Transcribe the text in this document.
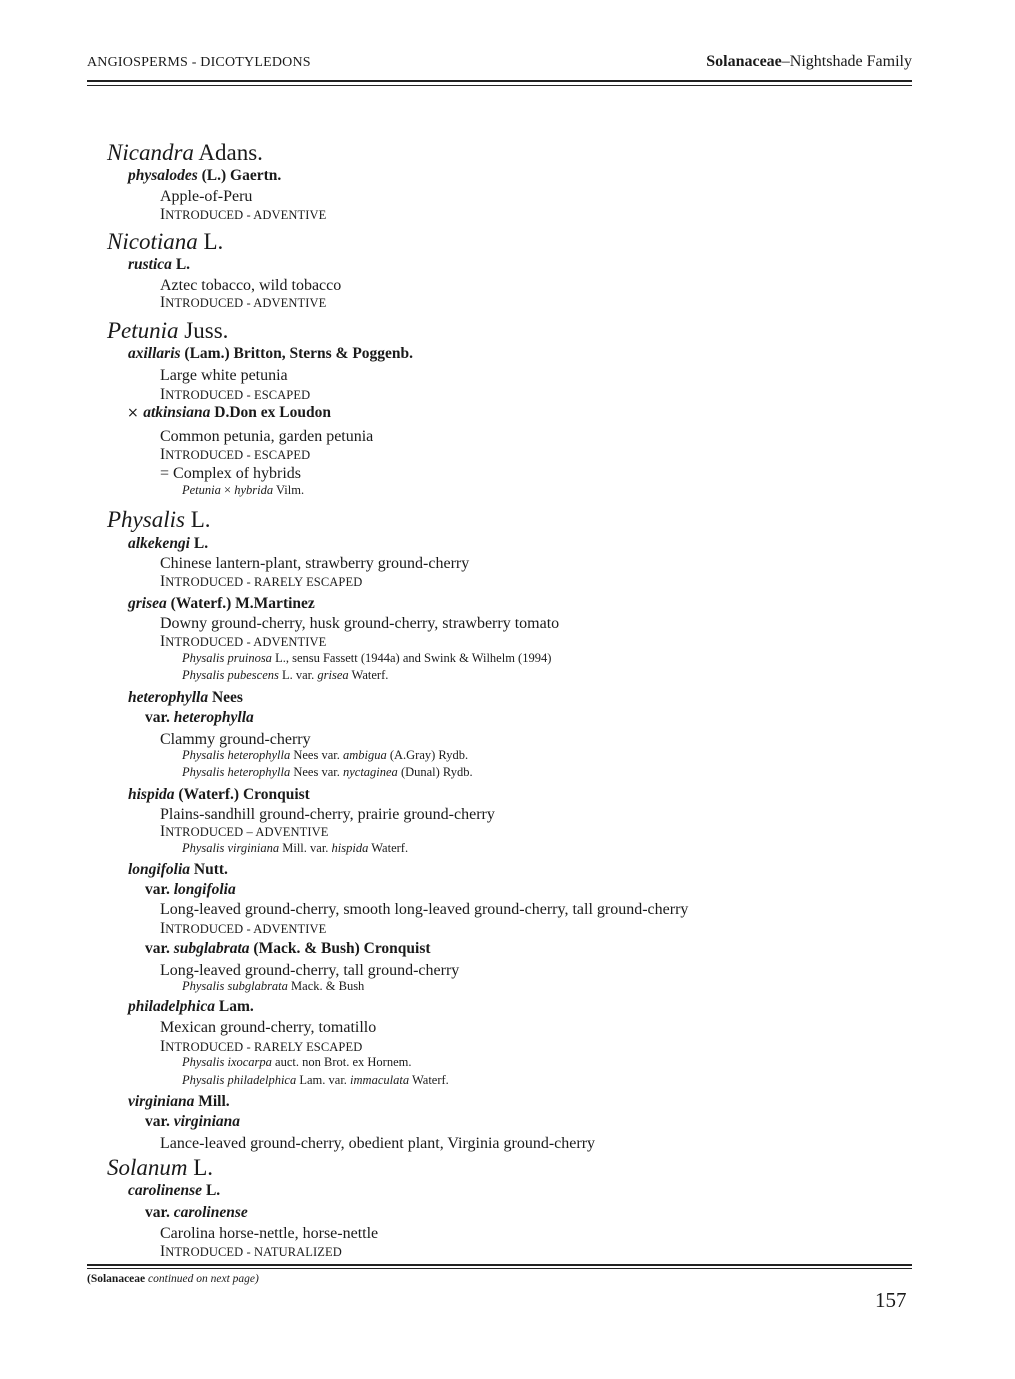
ANGIOSPERMS - DICOTYLEDONS	Solanaceae–Nightshade Family
Nicandra Adans.
physalodes (L.) Gaertn.
Apple-of-Peru
INTRODUCED - ADVENTIVE
Nicotiana L.
rustica L.
Aztec tobacco, wild tobacco
INTRODUCED - ADVENTIVE
Petunia Juss.
axillaris (Lam.) Britton, Sterns & Poggenb.
Large white petunia
INTRODUCED - ESCAPED
× atkinsiana D.Don ex Loudon
Common petunia, garden petunia
INTRODUCED - ESCAPED
= Complex of hybrids
Petunia × hybrida Vilm.
Physalis L.
alkekengi L.
Chinese lantern-plant, strawberry ground-cherry
INTRODUCED - RARELY ESCAPED
grisea (Waterf.) M.Martinez
Downy ground-cherry, husk ground-cherry, strawberry tomato
INTRODUCED - ADVENTIVE
Physalis pruinosa L., sensu Fassett (1944a) and Swink & Wilhelm (1994)
Physalis pubescens L. var. grisea Waterf.
heterophylla Nees
var. heterophylla
Clammy ground-cherry
Physalis heterophylla Nees var. ambigua (A.Gray) Rydb.
Physalis heterophylla Nees var. nyctaginea (Dunal) Rydb.
hispida (Waterf.) Cronquist
Plains-sandhill ground-cherry, prairie ground-cherry
INTRODUCED – ADVENTIVE
Physalis virginiana Mill. var. hispida Waterf.
longifolia Nutt.
var. longifolia
Long-leaved ground-cherry, smooth long-leaved ground-cherry, tall ground-cherry
INTRODUCED - ADVENTIVE
var. subglabrata (Mack. & Bush) Cronquist
Long-leaved ground-cherry, tall ground-cherry
Physalis subglabrata Mack. & Bush
philadelphica Lam.
Mexican ground-cherry, tomatillo
INTRODUCED - RARELY ESCAPED
Physalis ixocarpa auct. non Brot. ex Hornem.
Physalis philadelphica Lam. var. immaculata Waterf.
virginiana Mill.
var. virginiana
Lance-leaved ground-cherry, obedient plant, Virginia ground-cherry
Solanum L.
carolinense L.
var. carolinense
Carolina horse-nettle, horse-nettle
INTRODUCED - NATURALIZED
(Solanaceae continued on next page)
157
